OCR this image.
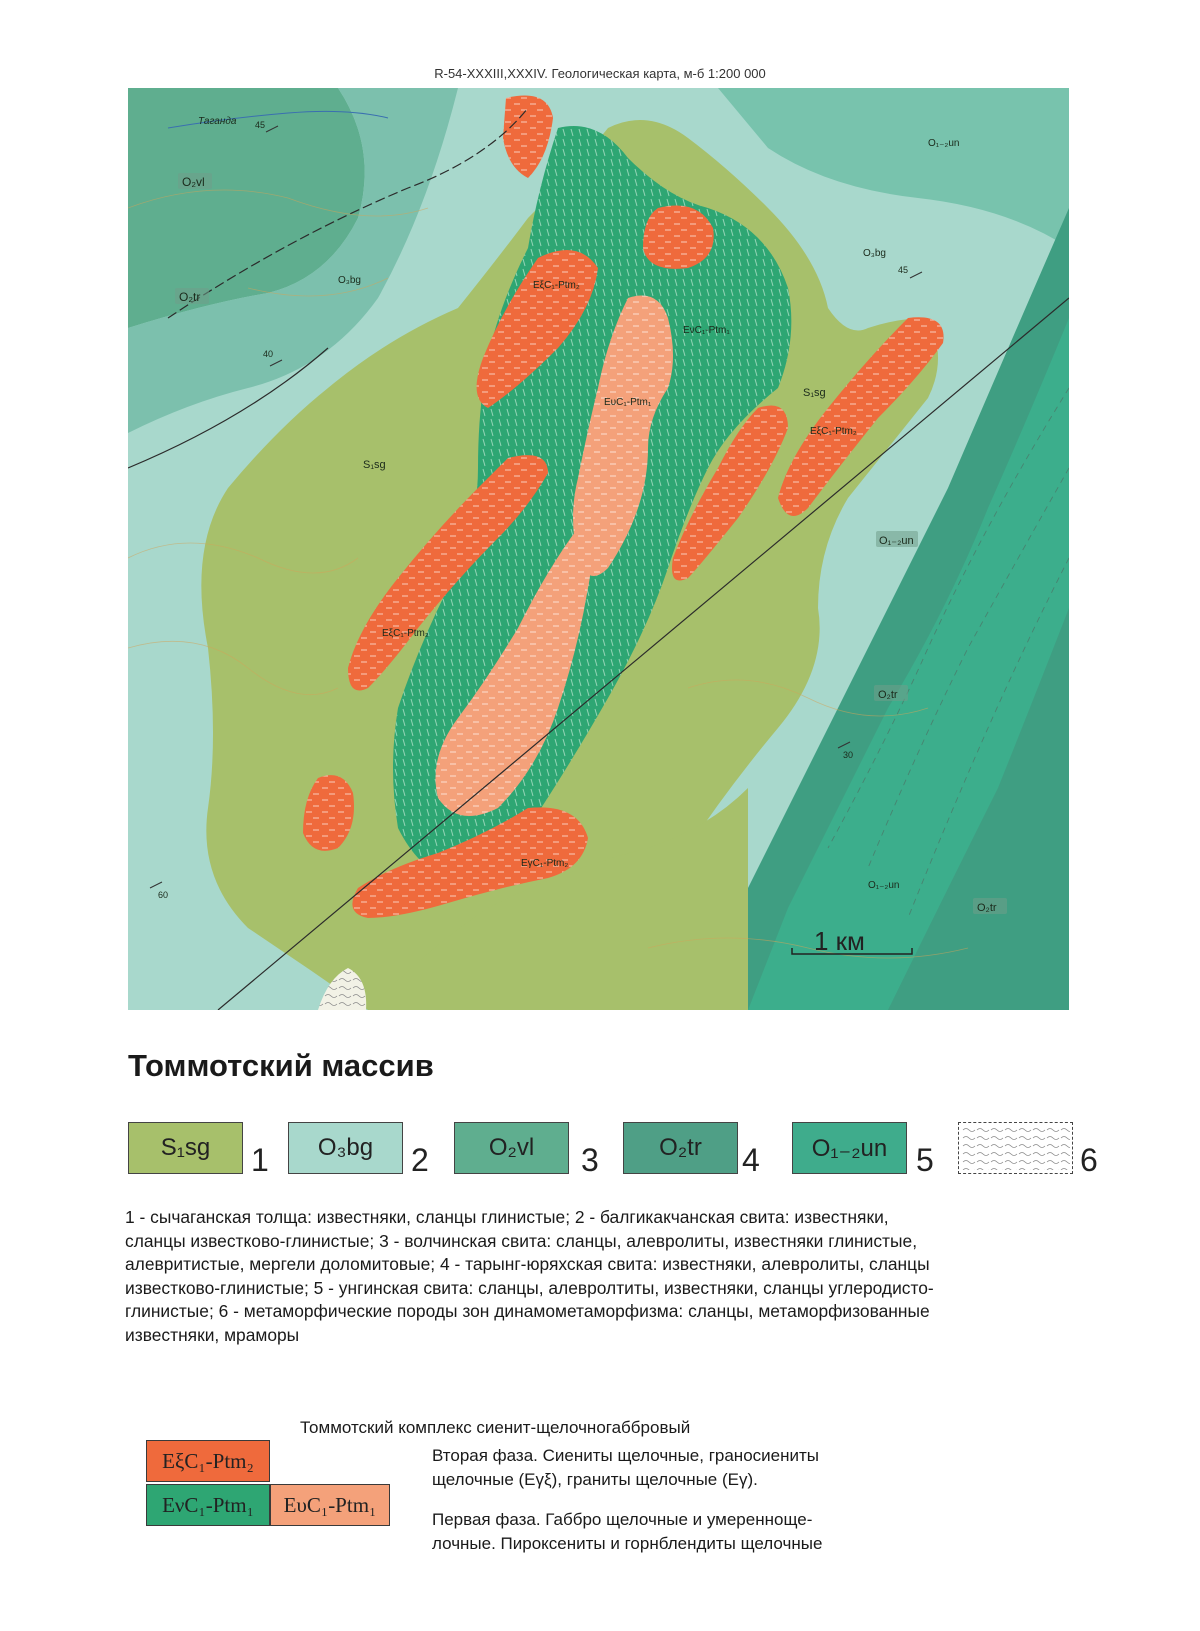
R-54-XXXIII,XXXIV. Геологическая карта, м-б 1:200 000
Таганда
O₂vl
O₂tr
O₃bg
O₃bg
O₁₋₂un
S₁sg
S₁sg
EξC₁-Ptm₂
EνC₁-Ptm₁
EυC₁-Ptm₁
EξC₁-Ptm₂
EξC₁-Ptm₂
O₁₋₂un
O₂tr
EγC₁-Ptm₂
O₁₋₂un
O₂tr
45
40
45
30
60
1 км
Томмотский массив
S₁sg	1	O₃bg	2	O₂vl	3	O₂tr	4	O₁₋₂un 5	6
1 - сычаганская толща: известняки, сланцы глинистые; 2 - балгикакчанская свита: известняки,
сланцы известково-глинистые; 3 - волчинская свита: сланцы, алевролиты, известняки глинистые,
алевритистые, мергели доломитовые; 4 - тарынг-юряхская свита: известняки, алевролиты, сланцы
известково-глинистые; 5 - унгинская свита: сланцы, алевролтиты, известняки, сланцы углеродисто-
глинистые; 6 - метаморфические породы зон динамометаморфизма: сланцы, метаморфизованные
известняки, мраморы
Томмотский комплекс сиенит-щелочногаббровый
EξC₁-Ptm₂
EνC₁-Ptm₁	EυC₁-Ptm₁
Вторая фаза. Сиениты щелочные, граносиениты
щелочные (Eγξ), граниты щелочные (Eγ).
Первая фаза. Габбро щелочные и умеренноще-
лочные. Пироксениты и горнблендиты щелочные
